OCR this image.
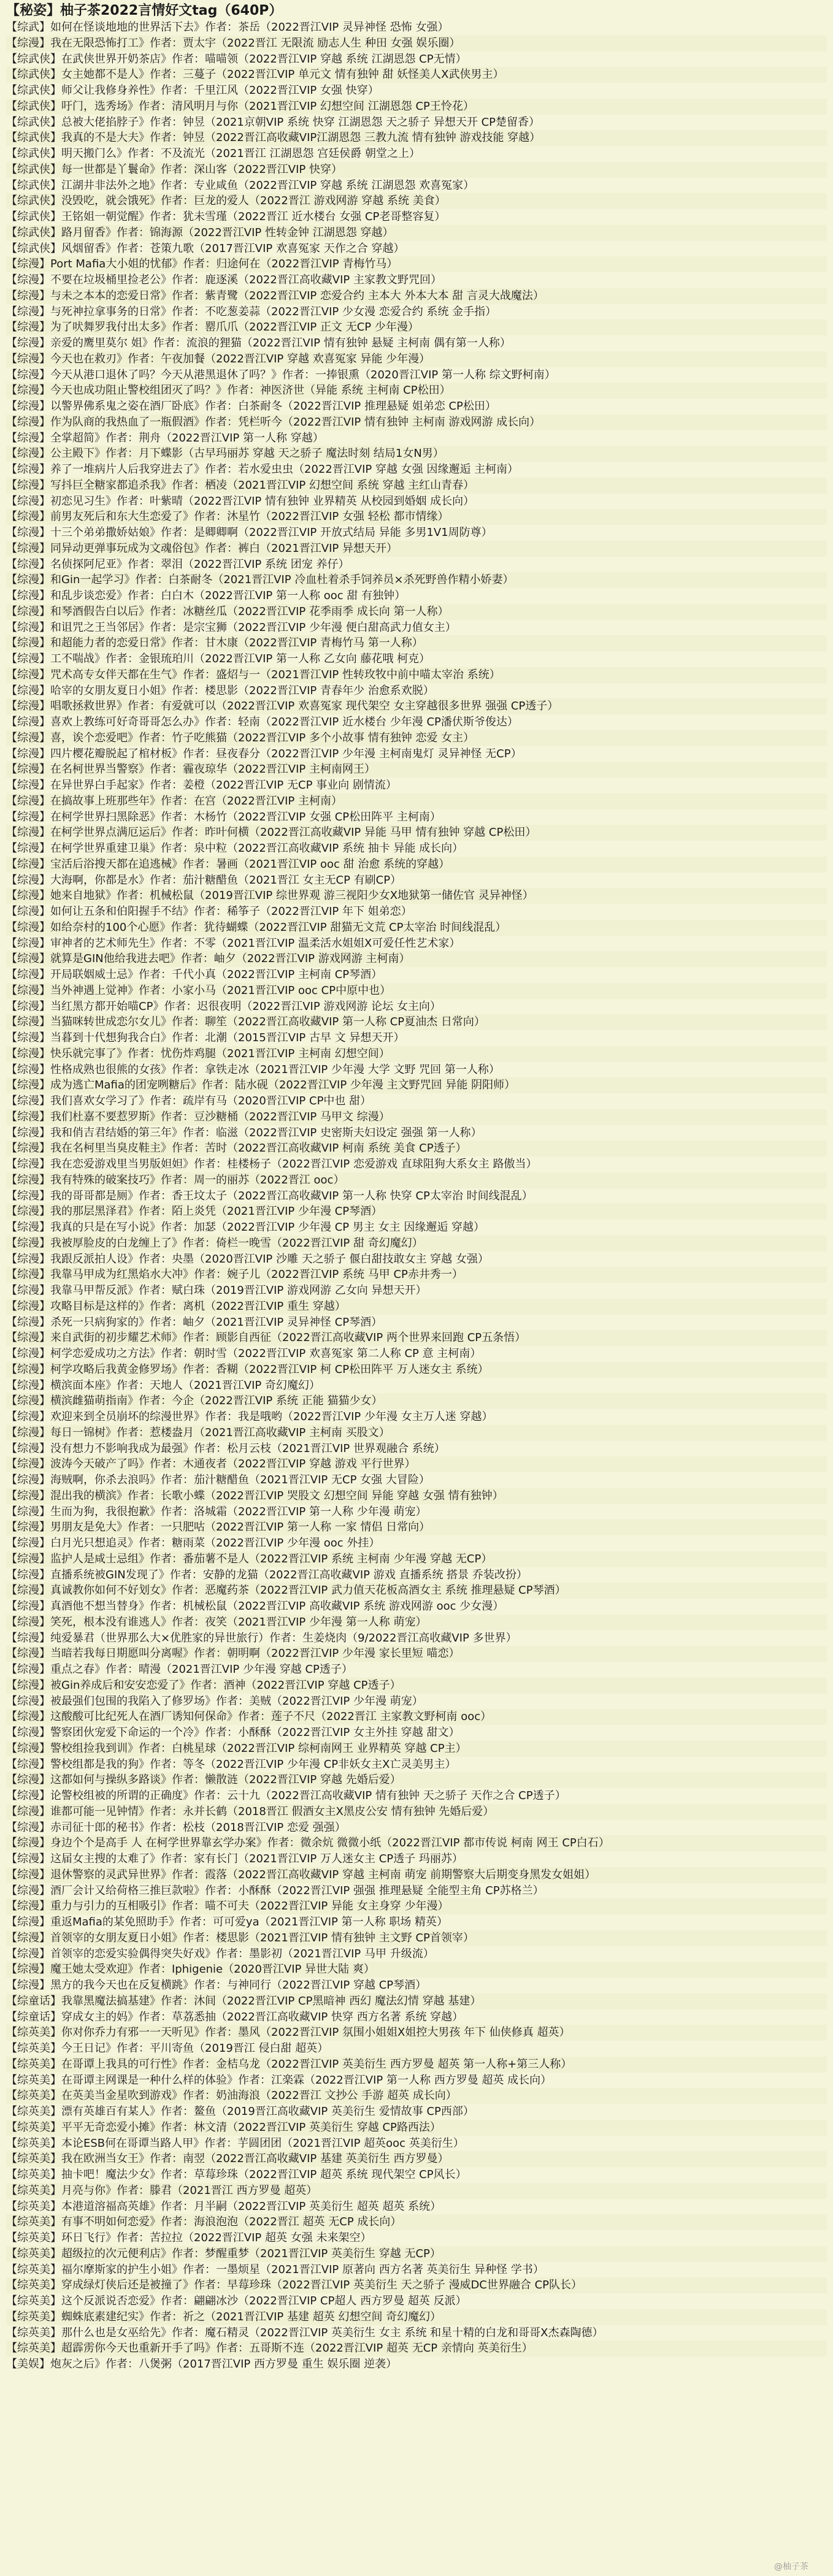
【秘姿】柚子茶2022言情好文tag（640P）
【综武】如何在怪谈地地的世界活下去》作者：茶岳（2022晋江VIP 灵异神怪 恐怖 女强）
【综漫】我在无限恐怖打工》作者：贾太宇（2022晋江 无限流 励志人生 种田 女强 娱乐圈）
【综武侠】在武侠世界开奶茶店》作者：喵喵领（2022晋江VIP 穿越 系统 江湖恩怨 CP无情）
【综武侠】女主她都不是人》作者：三蔓子（2022晋江VIP 单元文 情有独钟 甜 妖怪美人X武侠男主）
【综武侠】师父让我修身养性》作者：千里江风（2022晋江VIP 女强 快穿）
【综武侠】吁门，选秀场》作者：清风明月与你（2021晋江VIP 幻想空间 江湖恩怨 CP王怜花）
【综武侠】总被大佬掐脖子》作者：钟昱（2021京朝VIP 系统 快穿 江湖恩怨 天之骄子 异想天开 CP楚留香）
【综武侠】我真的不是大夫》作者：钟昱（2022晋江高收藏VIP江湖恩怨 三教九流 情有独钟 游戏技能 穿越）
【综武侠】明天搬门么》作者：不及流光（2021晋江 江湖恩怨 宫廷侯爵 朝堂之上）
【综武侠】每一世都是丫鬟命》作者：深山客（2022晋江VIP 快穿）
【综武侠】江湖井非法外之地》作者：专业咸鱼（2022晋江VIP 穿越 系统 江湖恩怨 欢喜冤家）
【综武侠】没毁吃，就会饿死》作者：巨龙的爱人（2022晋江 游戏网游 穿越 系统 美食）
【综武侠】王铭姐一朝觉醒》作者：犹未雪瑾（2022晋江 近水楼台 女强 CP老哥整容复）
【综武侠】路月留香》作者：锦海源（2022晋江VIP 性转金钟 江湖恩怨 穿越）
【综武侠】风烟留香》作者：苍策九歌（2017晋江VIP 欢喜冤家 天作之合 穿越）
【综漫】Port Mafia大小姐的忧郁》作者：归途何在（2022晋江VIP 青梅竹马）
【综漫】不要在垃圾桶里捡老公》作者：鹿逐溪（2022晋江高收藏VIP 主家教文野咒回）
【综漫】与未之本本的恋爱日常》作者：紫青鹭（2022晋江VIP 恋爱合约 主本大 外本大本 甜 言灵大战魔法）
【综漫】与死神拉拿事务的日常》作者：不吃葱姜蒜（2022晋江VIP 少女漫 恋爱合约 系统 金手指）
【综漫】为了吠舞罗我付出太多》作者：罂爪爪（2022晋江VIP 正文 无CP 少年漫）
【综漫】亲爱的鹰里莫尔 姐》作者：流浪的狸猫（2022晋江VIP 情有独钟 悬疑 主柯南 偶有第一人称）
【综漫】今天也在救刃》作者：午夜加餐（2022晋江VIP 穿越 欢喜冤家 异能 少年漫）
【综漫】今天从港口退休了吗？今天从港黑退休了吗？》作者：一捧银熏（2020晋江VIP 第一人称 综文野柯南）
【综漫】今天也成功阻止警校组团灭了吗？》作者：神医济世（异能 系统 主柯南 CP松田）
【综漫】以警界佛系鬼之姿在酒厂卧底》作者：白茶耐冬（2022晋江VIP 推理悬疑 姐弟恋 CP松田）
【综漫】作为队商的我热血了一瓶假酒》作者：凭栏听今（2022晋江VIP 情有独钟 主柯南 游戏网游 成长向）
【综漫】全掌超简》作者：荆舟（2022晋江VIP 第一人称 穿越）
【综漫】公主殿下》作者：月下蝶影（古早玛丽苏 穿越 天之骄子 魔法时刻 结局1女N男）
【综漫】养了一堆病片人后我穿进去了》作者：若水爱虫虫（2022晋江VIP 穿越 女强 因缘邂逅 主柯南）
【综漫】写抖巨全糖家都追杀我》作者：栖凌（2021晋江VIP 幻想空间 系统 穿越 主红山青春）
【综漫】初恋见习生》作者：叶紫晴（2022晋江VIP 情有独钟 业界精英 从校园到婚姻 成长向）
【综漫】前男友死后和东大生恋爱了》作者：沐星竹（2022晋江VIP 女强 轻松 都市情缘）
【综漫】十三个弟弟撒娇姑娘》作者：是卿卿啊（2022晋江VIP 开放式结局 异能 多男1V1周防尊）
【综漫】同异动更弹事玩成为文魂俗包》作者：裤白（2021晋江VIP 异想天开）
【综漫】名侦探阿尼亚》作者：翠泪（2022晋江VIP 系统 团宠 养仔）
【综漫】和Gin一起学习》作者：白茶耐冬（2021晋江VIP 冷血杜着杀手饲养员×杀死野兽作精小娇妻）
【综漫】和乱步谈恋爱》作者：白白木（2022晋江VIP 第一人称 ooc 甜 有独钟）
【综漫】和琴酒假告白以后》作者：冰糖丝瓜（2022晋江VIP 花季雨季 成长向 第一人称）
【综漫】和诅咒之王当邻居》作者：是宗宝狮（2022晋江VIP 少年漫 便白甜高武力值女主）
【综漫】和超能力者的恋爱日常》作者：甘木康（2022晋江VIP 青梅竹马 第一人称）
【综漫】工不喘战》作者：金银琉珀川（2022晋江VIP 第一人称 乙女向 藤花哦 柯克）
【综漫】咒术高专女伴天都在生气》作者：盛炤与一（2021晋江VIP 性转玫牧中前中喵太宰治 系统）
【综漫】哈宰的女朋友夏日小姐》作者：楼思影（2022晋江VIP 青春年少 治愈系欢脱）
【综漫】唱歌拯救世界》作者：有爱就可以（2022晋江VIP 欢喜冤家 现代架空 女主穿越很多世界 强强 CP透子）
【综漫】喜欢上教练可好奇哥哥怎么办》作者：轻南（2022晋江VIP 近水楼台 少年漫 CP潘伏斯爷俊达）
【综漫】喜，诶个恋爱吧》作者：竹子吃熊猫（2022晋江VIP 多个小故事 情有独钟 恋爱 女主）
【综漫】四片樱花瓣脱起了棺材板》作者：昼夜春分（2022晋江VIP 少年漫 主柯南鬼灯 灵异神怪 无CP）
【综漫】在名柯世界当警察》作者：霾夜琼华（2022晋江VIP 主柯南网王）
【综漫】在异世界白手起家》作者：姜橙（2022晋江VIP 无CP 事业向 剧情流）
【综漫】在搞故事上班那些年》作者：在宫（2022晋江VIP 主柯南）
【综漫】在柯学世界扫黑除恶》作者：木杨竹（2022晋江VIP 女强 CP松田阵平 主柯南）
【综漫】在柯学世界点满厄运后》作者：昨叶何横（2022晋江高收藏VIP 异能 马甲 情有独钟 穿越 CP松田）
【综漫】在柯学世界重建卫巢》作者：泉中粒（2022晋江高收藏VIP 系统 抽卡 异能 成长向）
【综漫】宝活后浴搜天都在追逃械》作者：暑画（2021晋江VIP ooc 甜 治愈 系统的穿越）
【综漫】大海啊，你都是水》作者：茄汁糖醋鱼（2021晋江 女主无CP 有刷CP）
【综漫】她来自地狱》作者：机械松鼠（2019晋江VIP 综世界观 游三视阳少女X地狱第一储佐官 灵异神怪）
【综漫】如何让五条和伯阳握手不结》作者：稀筝子（2022晋江VIP 年下 姐弟恋）
【综漫】如给奈村的100个心愿》作者：犹待蝴蝶（2022晋江VIP 甜猫无文荒 CP太宰治 时间线混乱）
【综漫】审神者的艺术师先生》作者：不零（2021晋江VIP 温柔活水姐姐X可爱任性艺术家）
【综漫】就算是GIN他给我进去吧》作者：岫夕（2022晋江VIP 游戏网游 主柯南）
【综漫】开局联姻威士忌》作者：千代小真（2022晋江VIP 主柯南 CP琴酒）
【综漫】当外神遇上觉神》作者：小家小马（2021晋江VIP ooc CP中原中也）
【综漫】当红黑方都开始喵CP》作者：迟很夜明（2022晋江VIP 游戏网游 论坛 女主向）
【综漫】当猫咪转世成恋尔女儿》作者：聊笙（2022晋江高收藏VIP 第一人称 CP夏油杰 日常向）
【综漫】当暮到十代想狗我合白》作者：北潮（2015晋江VIP 古早 文 异想天开）
【综漫】快乐就完事了》作者：忧伤炸鸡腿（2021晋江VIP 主柯南 幻想空间）
【综漫】性格成熟也很熊的女孩》作者：拿铁走冰（2021晋江VIP 少年漫 大学 文野 咒回 第一人称）
【综漫】成为逃亡Mafia的团宠咧糖后》作者：陆水砚（2022晋江VIP 少年漫 主文野咒回 异能 阴阳师）
【综漫】我们喜欢女学习了》作者：疏岸有马（2020晋江VIP CP中也 甜）
【综漫】我们杜嘉不要惹罗斯》作者：豆沙糖桶（2022晋江VIP 马甲文 综漫）
【综漫】我和俏吉君结婚的第三年》作者：临滋（2022晋江VIP 史密斯夫妇设定 强强 第一人称）
【综漫】我在名柯里当臭皮鞋主》作者：苦时（2022晋江高收藏VIP 柯南 系统 美食 CP透子）
【综漫】我在恋爱游戏里当男版妲妲》作者：桂楼杨子（2022晋江VIP 恋爱游戏 直球阻狗大系女主 路傲当）
【综漫】我有特殊的破案技巧》作者：周一的丽苏（2022晋江 ooc）
【综漫】我的哥哥都是厕》作者：香王坟太子（2022晋江高收藏VIP 第一人称 快穿 CP太宰治 时间线混乱）
【综漫】我的那层黑泽君》作者：陌上炎凭（2021晋江VIP 少年漫 CP琴酒）
【综漫】我真的只是在写小说》作者：加瑟（2022晋江VIP 少年漫 CP 男主 女主 因缘邂逅 穿越）
【综漫】我被厚脸皮的白龙缠上了》作者：倚栏一晚雪（2022晋江VIP 甜 奇幻魔幻）
【综漫】我跟反派拍人设》作者：央墨（2020晋江VIP 沙雕 天之骄子 偃白甜技敢女主 穿越 女强）
【综漫】我靠马甲成为红黑焰水大冲》作者：婉子儿（2022晋江VIP 系统 马甲 CP赤井秀一）
【综漫】我靠马甲帮反派》作者：赋白珠（2019晋江VIP 游戏网游 乙女向 异想天开）
【综漫】攻略目标是这样的》作者：离机（2022晋江VIP 重生 穿越）
【综漫】杀死一只病狗家的》作者：岫夕（2021晋江VIP 灵异神怪 CP琴酒）
【综漫】来自武街的初步耀艺术师》作者：顾影自西征（2022晋江高收藏VIP 两个世界来回跑 CP五条悟）
【综漫】柯学恋爱成功之方法》作者：朝时雪（2022晋江VIP 欢喜冤家 第二人称 CP 意 主柯南）
【综漫】柯学攻略后我黄金修罗场》作者：香糊（2022晋江VIP 柯 CP松田阵平 万人迷女主 系统）
【综漫】横滨面本座》作者：天地人（2021晋江VIP 奇幻魔幻）
【综漫】横滨雌猫萌指南》作者：今企（2022晋江VIP 系统 正能 猫猫少女）
【综漫】欢迎来到全员崩坏的综漫世界》作者：我是哦哟（2022晋江VIP 少年漫 女主万人迷 穿越）
【综漫】每日一锦树》作者：惹楼盎月（2021晋江高收藏VIP 主柯南 买股文）
【综漫】没有想力不影响我成为最强》作者：松月云枝（2021晋江VIP 世界观融合 系统）
【综漫】波涛今天破产了吗》作者：木通夜者（2022晋江VIP 穿越 游戏 平行世界）
【综漫】海贼啊，你杀去浪吗》作者：茄汁糖醋鱼（2021晋江VIP 无CP 女强 大冒险）
【综漫】混出我的横滨》作者：长歌小蝶（2022晋江VIP 哭股文 幻想空间 异能 穿越 女强 情有独钟）
【综漫】生而为狗，我很抱歉》作者：洛城霜（2022晋江VIP 第一人称 少年漫 萌宠）
【综漫】男朋友是免大》作者：一只肥咕（2022晋江VIP 第一人称 一家 情侣 日常向）
【综漫】白月光只想追灵》作者：糖雨菜（2022晋江VIP 少年漫 ooc 外挂）
【综漫】监护人是咸士忌组》作者：番茄薯不是人（2022晋江VIP 系统 主柯南 少年漫 穿越 无CP）
【综漫】直播系统被GIN发现了》作者：安静的龙猫（2022晋江高收藏VIP 游戏 直播系统 搭景 乔装改扮）
【综漫】真诚教你如何不好划女》作者：恶魔药茶（2022晋江VIP 武力值天花板高酒女主 系统 推理悬疑 CP琴酒）
【综漫】真酒他不想当替身》作者：机械松鼠（2022晋江VIP 高收藏VIP 系统 游戏网游 ooc 少女漫）
【综漫】笑死，根本没有谁逃人》作者：夜笑（2021晋江VIP 少年漫 第一人称 萌宠）
【综漫】纯爱暴君（世界那么大×优胜家的异世旅行）作者：生姜烧肉（9/2022晋江高收藏VIP 多世界）
【综漫】当暗若我每日期愿叫分离喔》作者：朝明啊（2022晋江VIP 少年漫 家长里短 喵恋）
【综漫】重点之春》作者：晴漫（2021晋江VIP 少年漫 穿越 CP透子）
【综漫】被Gin养成后和安安恋爱了》作者：酒神（2022晋江VIP 穿越 CP透子）
【综漫】被最强们包围的我陷入了修罗场》作者：美贼（2022晋江VIP 少年漫 萌宠）
【综漫】这酸酸可比纪死人在酒厂诱知何保命》作者：莲子不尺（2022晋江 主家教文野柯南 ooc）
【综漫】警察团伙宠爱下命运的一个冷》作者：小酥酥（2022晋江VIP 女主外挂 穿越 甜文）
【综漫】警校组捡我到训》作者：白桃星球（2022晋江VIP 综柯南网王 业界精英 穿越 CP主）
【综漫】警校组都是我的狗》作者：等冬（2022晋江VIP 少年漫 CP非妖女主X亡灵美男主）
【综漫】这都如何与操纵多路谈》作者：懒散涟（2022晋江VIP 穿越 先婚后爱）
【综漫】论警校组被的所谓的正确度》作者：云十九（2022晋江高收藏VIP 情有独钟 天之骄子 天作之合 CP透子）
【综漫】谁都可能一见钟情》作者：永并长鹤（2018晋江 假酒女主X黑皮公安 情有独钟 先婚后爱）
【综漫】赤司征十郎的秘书》作者：松枝（2018晋江VIP 恋爱 强强）
【综漫】身边个个是高手 人 在柯学世界靠玄学办案》作者：微余炕 微微小纸（2022晋江VIP 都市传说 柯南 网王 CP白石）
【综漫】这届女主搜的太难了》作者：家有长门（2021晋江VIP 万人迷女主 CP透子 玛丽苏）
【综漫】退休警察的灵武异世界》作者：霞落（2022晋江高收藏VIP 穿越 主柯南 萌宠 前期警察大后期变身黑发女姐姐）
【综漫】酒厂会计又给荷格三推巨款啦》作者：小酥酥（2022晋江VIP 强强 推理悬疑 全能型主角 CP苏格兰）
【综漫】重力与引力的互相吸引》作者：喵不可夫（2022晋江VIP 异能 女主身穿 少年漫）
【综漫】重返Mafia的某免照助手》作者：可可爱ya（2021晋江VIP 第一人称 职场 精英）
【综漫】首领宰的女朋友夏日小姐》作者：楼思影（2021晋江VIP 情有独钟 主文野 CP首领宰）
【综漫】首领宰的恋爱实验偶得突失好戏》作者：墨影初（2021晋江VIP 马甲 升级流）
【综漫】魔王她太受欢迎》作者：Iphigenie（2020晋江VIP 异世大陆 爽）
【综漫】黑方的我今天也在反复横跳》作者：与神同行（2022晋江VIP 穿越 CP琴酒）
【综童话】我靠黑魔法搞基建》作者：沐间（2022晋江VIP CP黑暗神 西幻 魔法幻情 穿越 基建）
【综童话】穿成女主的妈》作者：草荔悉抽（2022晋江高收藏VIP 快穿 西方名著 系统 穿越）
【综英美】你对你乔力有邪一一天听见》作者：墨风（2022晋江VIP 氛围小姐姐X姐控大男孩 年下 仙侠修真 超英）
【综英美】今王日记》作者：平川寄鱼（2019晋江 侵白甜 超英）
【综英美】在哥谭上我具的可行性》作者：金桔乌龙（2022晋江VIP 英美衍生 西方罗曼 超英 第一人称+第三人称）
【综英美】在哥谭主网课是一种什么样的体验》作者：江楽霖（2022晋江VIP 第一人称 西方罗曼 超英 成长向）
【综英美】在英美当金星吹到游戏》作者：奶油海浪（2022晋江 文抄公 手游 超英 成长向）
【综英美】漂有英雄百有某人》作者：鳌鱼（2019晋江高收藏VIP 英美衍生 爱情故事 CP西部）
【综英美】平平无奇恋爱小摊》作者：林文清（2022晋江VIP 英美衍生 穿越 CP路西法）
【综英美】本论ESB何在哥谭当路人甲》作者：芋圆团团（2021晋江VIP 超英ooc 英美衍生）
【综英美】我在欧洲当女王》作者：南翌（2022晋江高收藏VIP 基建 英美衍生 西方罗曼）
【综英美】抽卡吧！魔法少女》作者：草莓珍珠（2022晋江VIP 超英 系统 现代架空 CP风长）
【综英美】月亮与你》作者：滕君（2021晋江 西方罗曼 超英）
【综英美】本港道溶福高英雄》作者：月半嗣（2022晋江VIP 英美衍生 超英 超英 系统）
【综英美】有事不明如何恋爱》作者：海浪泡泡（2022晋江 超英 无CP 成长向）
【综英美】环日飞行》作者：苦拉拉（2022晋江VIP 超英 女强 未来架空）
【综英美】超级拉的次元便利店》作者：梦醒重梦（2021晋江VIP 英美衍生 穿越 无CP）
【综英美】福尔摩斯家的护生小姐》作者：一墨烦星（2021晋江VIP 原著向 西方名著 英美衍生 异种怪 学书）
【综英美】穿成绿灯侠后还是被撞了》作者：早莓珍珠（2022晋江VIP 英美衍生 天之骄子 漫威DC世界融合 CP队长）
【综英美】这个反派说否恋爱》作者：翩翩冰沙（2022晋江VIP CP超人 西方罗曼 超英 反派）
【综英美】蜘蛛底素建纪实》作者：祈之（2021晋江VIP 基建 超英 幻想空间 奇幻魔幻）
【综英美】那什么也是女巫给先》作者：魔石精灵（2022晋江VIP 英美衍生 女主 系统 和星十精的白龙和哥哥X杰森陶德）
【综英美】超霹雳你今天也重新开手了吗》作者：五哥斯不连（2022晋江VIP 超英 无CP 亲情向 英美衍生）
【美娱】炮灰之后》作者：八煲粥（2017晋江VIP 西方罗曼 重生 娱乐圈 逆袭）
@柚子茶
